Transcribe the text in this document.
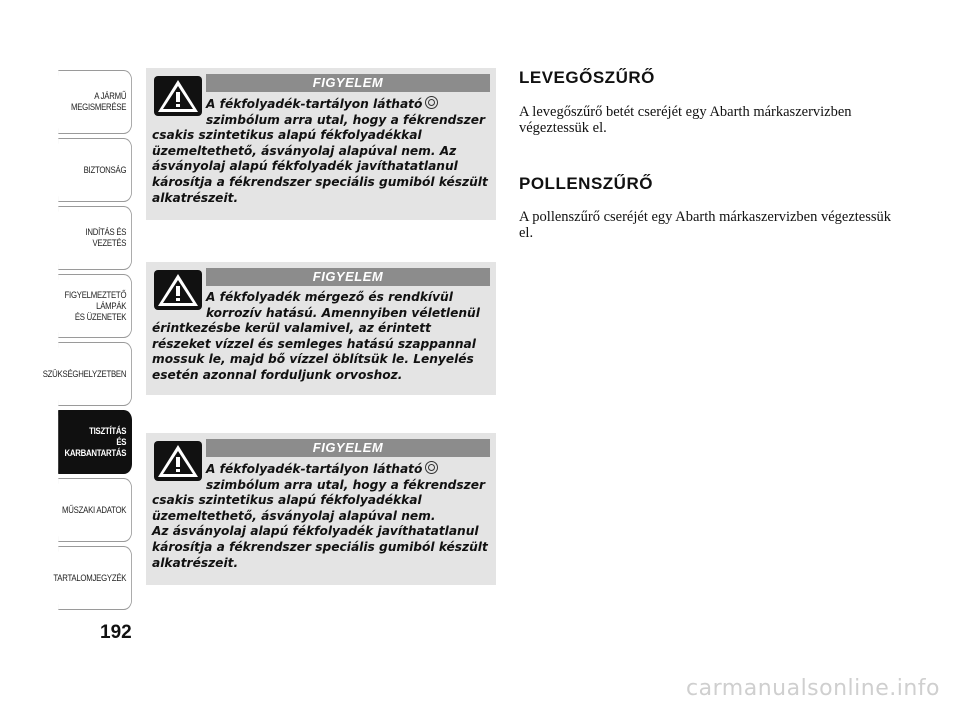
A JÁRMŰ
MEGISMERÉSE
BIZTONSÁG
INDÍTÁS ÉS VEZETÉS
FIGYELMEZTETŐ
LÁMPÁK
ÉS ÜZENETEK
SZÜKSÉGHELYZETBEN
TISZTÍTÁS
ÉS KARBANTARTÁS
MŰSZAKI ADATOK
TARTALOMJEGYZÉK
192
FIGYELEM
A fékfolyadék-tartályon látható
szimbólum arra utal, hogy a fékrendszer
csakis szintetikus alapú fékfolyadékkal üzemeltethető, ásványolaj alapúval nem. Az ásványolaj alapú fékfolyadék javíthatatlanul károsítja a fékrendszer speciális gumiból készült alkatrészeit.
FIGYELEM
A fékfolyadék mérgező és rendkívül
korrozív hatású. Amennyiben véletlenül
érintkezésbe kerül valamivel, az érintett részeket vízzel és semleges hatású szappannal mossuk le, majd bő vízzel öblítsük le. Lenyelés esetén azonnal forduljunk orvoshoz.
FIGYELEM
A fékfolyadék-tartályon látható
szimbólum arra utal, hogy a fékrendszer
csakis szintetikus alapú fékfolyadékkal üzemeltethető, ásványolaj alapúval nem.
Az ásványolaj alapú fékfolyadék javíthatatlanul károsítja a fékrendszer speciális gumiból készült alkatrészeit.
LEVEGŐSZŰRŐ
A levegőszűrő betét cseréjét egy Abarth márkaszervizben végeztessük el.
POLLENSZŰRŐ
A pollenszűrő cseréjét egy Abarth márkaszervizben végeztessük el.
carmanualsonline.info
